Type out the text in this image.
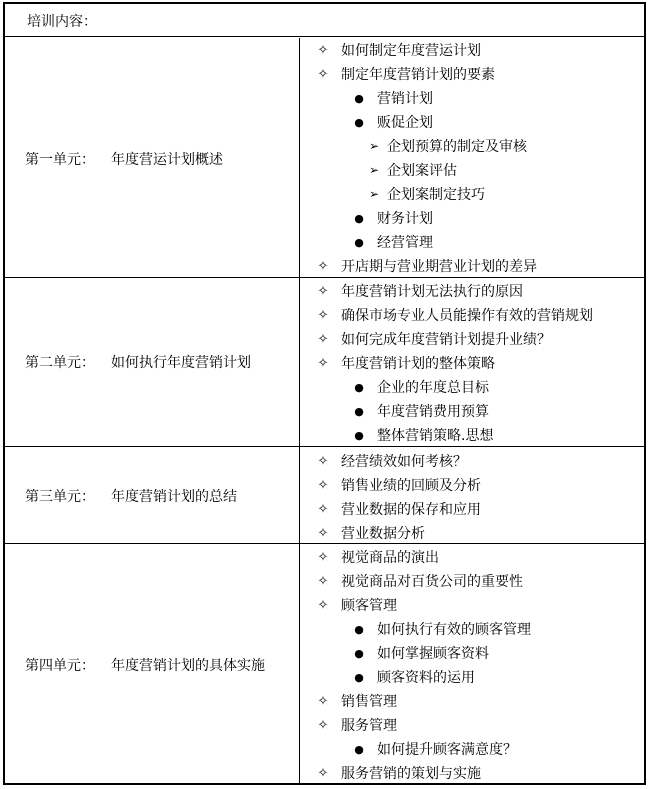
培训内容：
第一单元： 年度营运计划概述
✧ 如何制定年度营运计划
✧ 制定年度营销计划的要素
● 营销计划
● 贩促企划
➢ 企划预算的制定及审核
➢ 企划案评估
➢ 企划案制定技巧
● 财务计划
● 经营管理
✧ 开店期与营业期营业计划的差异
第二单元： 如何执行年度营销计划
✧ 年度营销计划无法执行的原因
✧ 确保市场专业人员能操作有效的营销规划
✧ 如何完成年度营销计划提升业绩？
✧ 年度营销计划的整体策略
● 企业的年度总目标
● 年度营销费用预算
● 整体营销策略.思想
第三单元： 年度营销计划的总结
✧ 经营绩效如何考核？
✧ 销售业绩的回顾及分析
✧ 营业数据的保存和应用
✧ 营业数据分析
第四单元： 年度营销计划的具体实施
✧ 视觉商品的演出
✧ 视觉商品对百货公司的重要性
✧ 顾客管理
● 如何执行有效的顾客管理
● 如何掌握顾客资料
● 顾客资料的运用
✧ 销售管理
✧ 服务管理
● 如何提升顾客满意度？
✧ 服务营销的策划与实施
